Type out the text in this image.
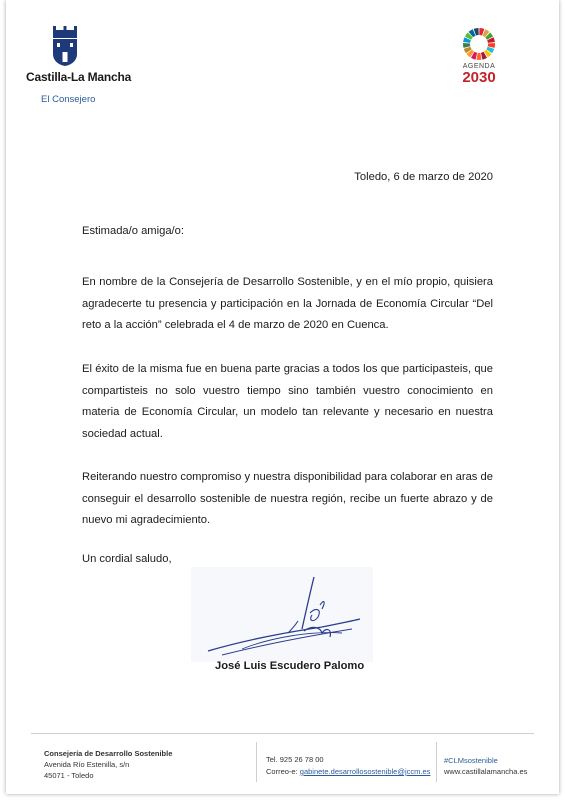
Castilla-La Mancha
El Consejero
AGENDA
2030
Toledo, 6 de marzo de 2020
Estimada/o amiga/o:
En nombre de la Consejería de Desarrollo Sostenible, y en el mío propio, quisiera agradecerte tu presencia y participación en la Jornada de Economía Circular “Del reto a la acción” celebrada el 4 de marzo de 2020 en Cuenca.
El éxito de la misma fue en buena parte gracias a todos los que participasteis, que compartisteis no solo vuestro tiempo sino también vuestro conocimiento en materia de Economía Circular, un modelo tan relevante y necesario en nuestra sociedad actual.
Reiterando nuestro compromiso y nuestra disponibilidad para colaborar en aras de conseguir el desarrollo sostenible de nuestra región, recibe un fuerte abrazo y de nuevo mi agradecimiento.
Un cordial saludo,
José Luis Escudero Palomo
Consejería de Desarrollo Sostenible
Avenida Río Estenilla, s/n
45071 - Toledo
Tel. 925 26 78 00
Correo-e: gabinete.desarrollosostenible@jccm.es
#CLMsostenible
www.castillalamancha.es
